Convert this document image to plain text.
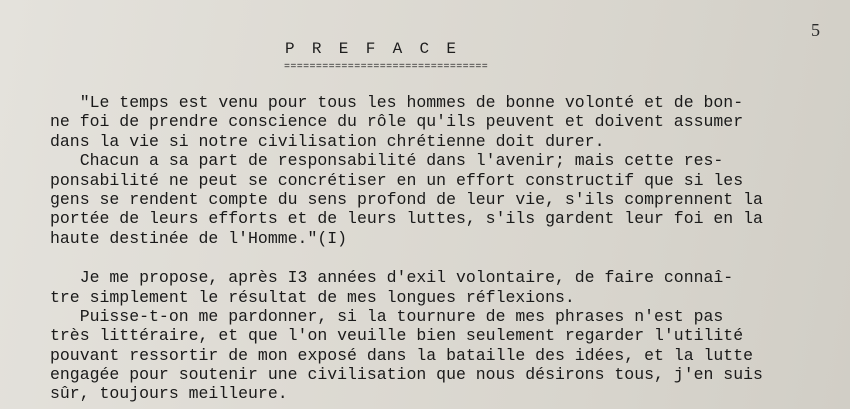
5
PREFACE
================================
"Le temps est venu pour tous les hommes de bonne volonté et de bon-
ne foi de prendre conscience du rôle qu'ils peuvent et doivent assumer
dans la vie si notre civilisation chrétienne doit durer.
Chacun a sa part de responsabilité dans l'avenir; mais cette res-
ponsabilité ne peut se concrétiser en un effort constructif que si les
gens se rendent compte du sens profond de leur vie, s'ils comprennent la
portée de leurs efforts et de leurs luttes, s'ils gardent leur foi en la
haute destinée de l'Homme."(I)
Je me propose, après I3 années d'exil volontaire, de faire connaî-
tre simplement le résultat de mes longues réflexions.
Puisse-t-on me pardonner, si la tournure de mes phrases n'est pas
très littéraire, et que l'on veuille bien seulement regarder l'utilité
pouvant ressortir de mon exposé dans la bataille des idées, et la lutte
engagée pour soutenir une civilisation que nous désirons tous, j'en suis
sûr, toujours meilleure.
